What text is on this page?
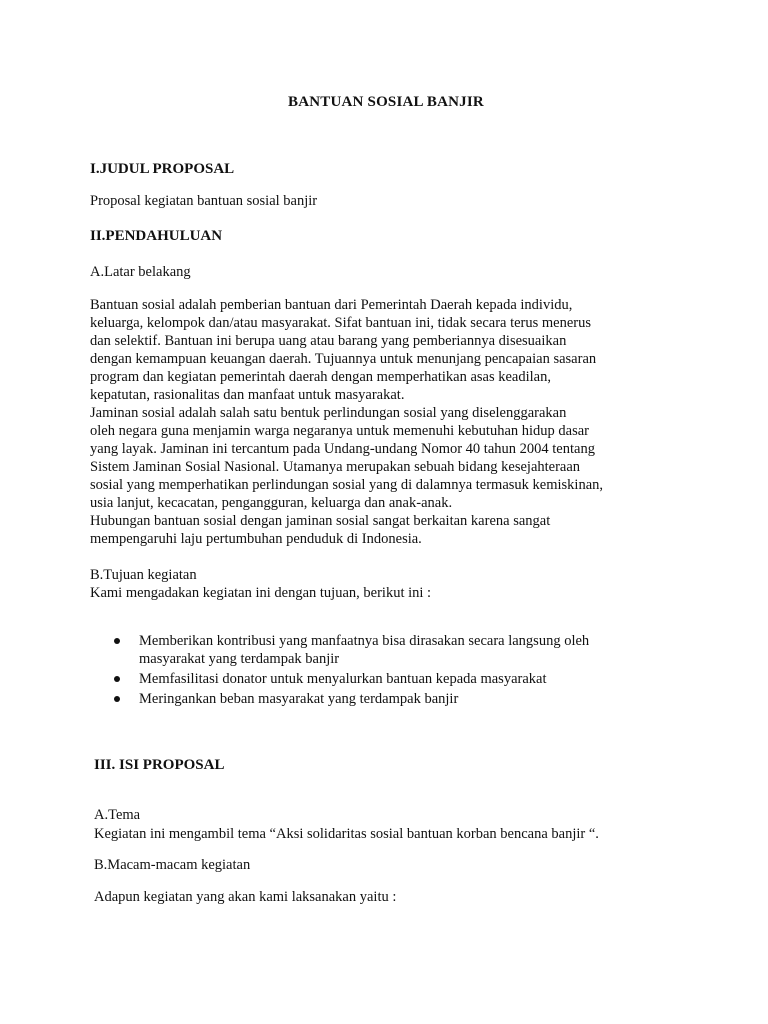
BANTUAN SOSIAL BANJIR
I.JUDUL PROPOSAL
Proposal kegiatan bantuan sosial banjir
II.PENDAHULUAN
A.Latar belakang
Bantuan sosial adalah pemberian bantuan dari Pemerintah Daerah kepada individu,
keluarga, kelompok dan/atau masyarakat. Sifat bantuan ini, tidak secara terus menerus
dan selektif. Bantuan ini berupa uang atau barang yang pemberiannya disesuaikan
dengan kemampuan keuangan daerah. Tujuannya untuk menunjang pencapaian sasaran
program dan kegiatan pemerintah daerah dengan memperhatikan asas keadilan,
kepatutan, rasionalitas dan manfaat untuk masyarakat.
Jaminan sosial adalah salah satu bentuk perlindungan sosial yang diselenggarakan
oleh negara guna menjamin warga negaranya untuk memenuhi kebutuhan hidup dasar
yang layak. Jaminan ini tercantum pada Undang-undang Nomor 40 tahun 2004 tentang
Sistem Jaminan Sosial Nasional. Utamanya merupakan sebuah bidang kesejahteraan
sosial yang memperhatikan perlindungan sosial yang di dalamnya termasuk kemiskinan,
usia lanjut, kecacatan, pengangguran, keluarga dan anak-anak.
Hubungan bantuan sosial dengan jaminan sosial sangat berkaitan karena sangat
mempengaruhi laju pertumbuhan penduduk di Indonesia.
B.Tujuan kegiatan
Kami mengadakan kegiatan ini dengan tujuan, berikut ini :
Memberikan kontribusi yang manfaatnya bisa dirasakan secara langsung oleh
masyarakat yang terdampak banjir
Memfasilitasi donator untuk menyalurkan bantuan kepada masyarakat
Meringankan beban masyarakat yang terdampak banjir
III. ISI PROPOSAL
A.Tema
Kegiatan ini mengambil tema “Aksi solidaritas sosial bantuan korban bencana banjir “.
B.Macam-macam kegiatan
Adapun kegiatan yang akan kami laksanakan yaitu :
